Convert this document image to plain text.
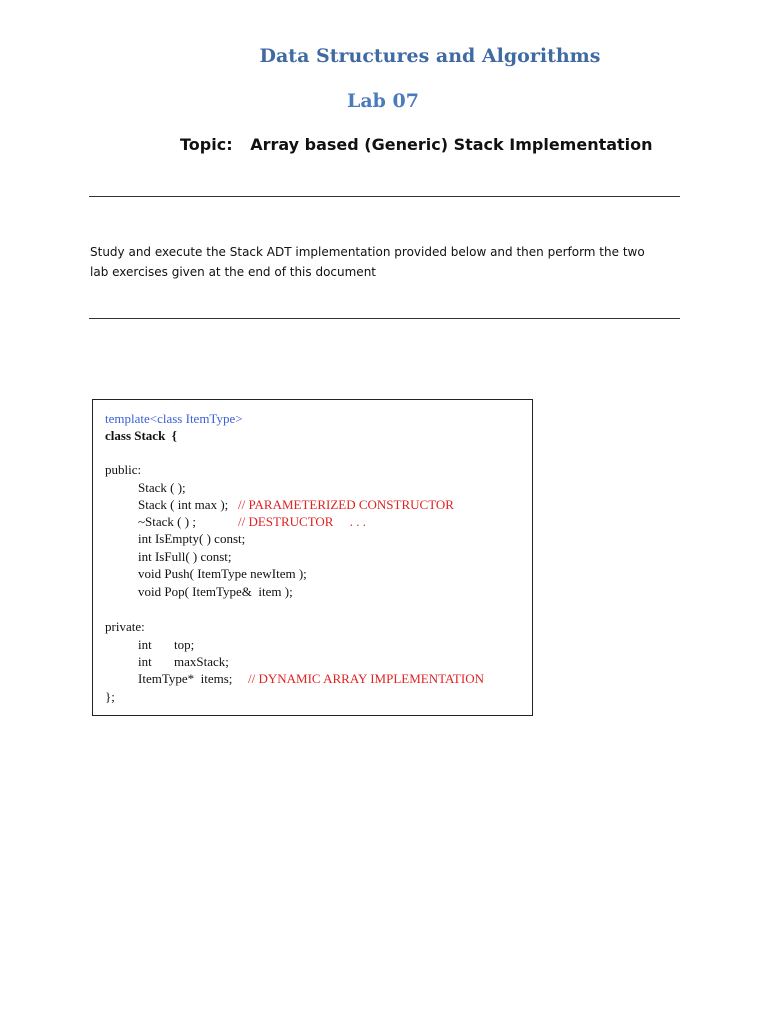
Data Structures and Algorithms
Lab 07
Topic: Array based (Generic) Stack Implementation

Study and execute the Stack ADT implementation provided below and then perform the two lab exercises given at the end of this document

template<class ItemType>
class Stack  {
public:
Stack ( );
Stack ( int max ); // PARAMETERIZED CONSTRUCTOR
~Stack ( ) ;	// DESTRUCTOR     . . .
int IsEmpty( ) const;
int IsFull( ) const;
void Push( ItemType newItem );
void Pop( ItemType&  item );
private:
int top;
int maxStack;
ItemType*  items; // DYNAMIC ARRAY IMPLEMENTATION
};
